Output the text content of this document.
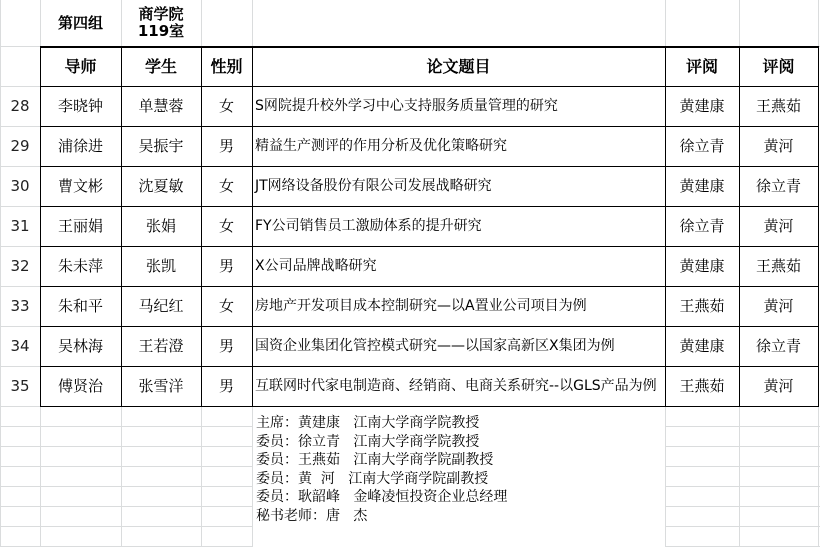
第四组	商学院
119室
导师	学生	性别	论文题目	评阅	评阅
28	李晓钟	单慧蓉	女	S网院提升校外学习中心支持服务质量管理的研究	黄建康	王燕茹
29	浦徐进	吴振宇	男	精益生产测评的作用分析及优化策略研究	徐立青	黄河
30	曹文彬	沈夏敏	女	JT网络设备股份有限公司发展战略研究	黄建康	徐立青
31	王丽娟	张娟	女	FY公司销售员工激励体系的提升研究	徐立青	黄河
32	朱未萍	张凯	男	X公司品牌战略研究	黄建康	王燕茹
33	朱和平	马纪红	女	房地产开发项目成本控制研究—以A置业公司项目为例	王燕茹	黄河
34	吴林海	王若澄	男	国资企业集团化管控模式研究——以国家高新区X集团为例	黄建康	徐立青
35	傅贤治	张雪洋	男	互联网时代家电制造商、经销商、电商关系研究--以GLS产品为例	王燕茹	黄河
主席：黄建康   江南大学商学院教授
委员：徐立青   江南大学商学院教授
委员：王燕茹   江南大学商学院副教授
委员：黄  河   江南大学商学院副教授
委员：耿韶峰   金峰凌恒投资企业总经理
秘书老师：唐   杰
